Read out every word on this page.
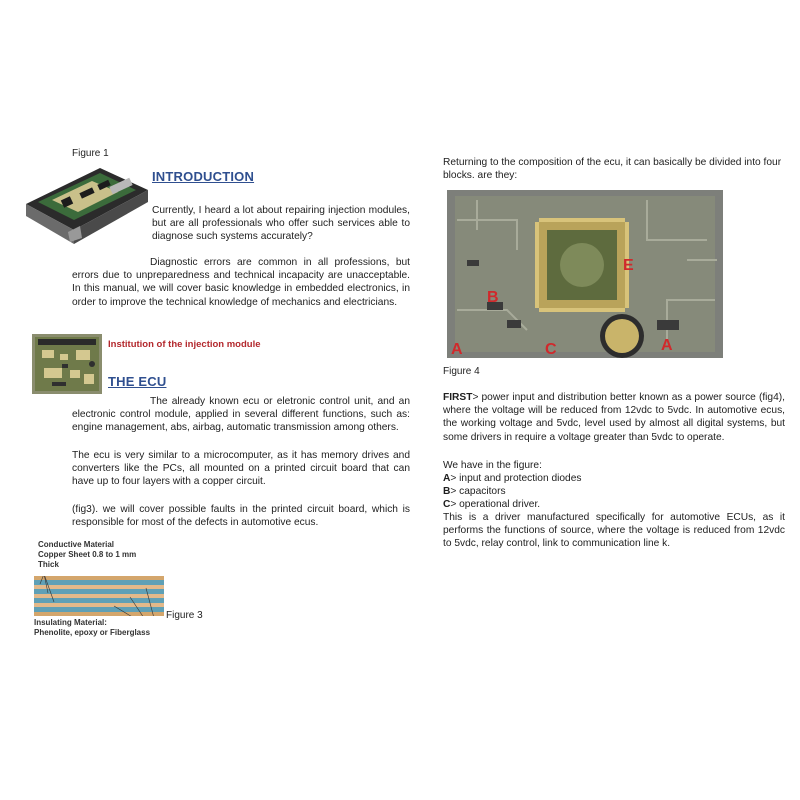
Figure 1
INTRODUCTION
Currently, I heard a lot about repairing injection modules, but are all professionals who offer such services able to diagnose such systems accurately?
Diagnostic errors are common in all professions, but errors due to unpreparedness and technical incapacity are unacceptable. In this manual, we will cover basic knowledge in embedded electronics, in order to improve the technical knowledge of mechanics and electricians.
Institution of the injection module
THE ECU
The already known ecu or eletronic control unit, and an electronic control module, applied in several different functions, such as: engine management, abs, airbag, automatic transmission among others.
The ecu is very similar to a microcomputer, as it has memory drives and converters like the PCs, all mounted on a printed circuit board that can have up to four layers with a copper circuit.
(fig3). we will cover possible faults in the printed circuit board, which is responsible for most of the defects in automotive ecus.
Conductive Material
Copper Sheet 0.8 to 1 mm
Thick
Figure 3
Insulating Material:
Phenolite, epoxy or Fiberglass
Returning to the composition of the ecu, it can basically be divided into four blocks. are they:
B
E
A	C	A
Figure 4
FIRST> power input and distribution better known as a power source (fig4), where the voltage will be reduced from 12vdc to 5vdc. In automotive ecus, the working voltage and 5vdc, level used by almost all digital systems, but some drivers in require a voltage greater than 5vdc to operate.
We have in the figure:
A> input and protection diodes
B> capacitors
C> operational driver.
This is a driver manufactured specifically for automotive ECUs, as it performs the functions of source, where the voltage is reduced from 12vdc to 5vdc, relay control, link to communication line k.
